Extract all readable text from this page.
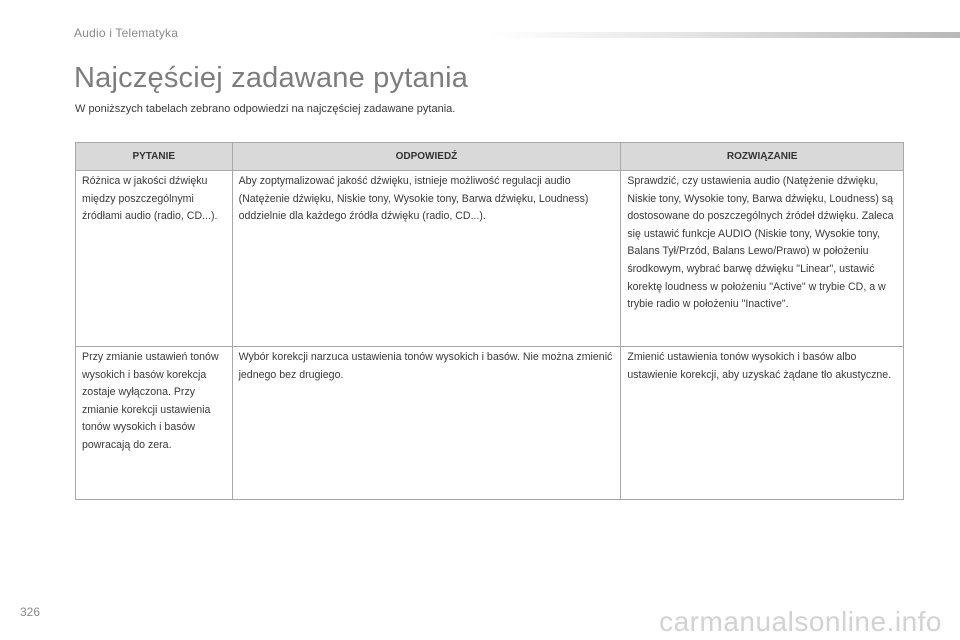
Audio i Telematyka
Najczęściej zadawane pytania
W poniższych tabelach zebrano odpowiedzi na najczęściej zadawane pytania.
PYTANIE	ODPOWIEDŹ	ROZWIĄZANIE
Różnica w jakości dźwięku między poszczególnymi źródłami audio (radio, CD...).	Aby zoptymalizować jakość dźwięku, istnieje możliwość regulacji audio (Natężenie dźwięku, Niskie tony, Wysokie tony, Barwa dźwięku, Loudness) oddzielnie dla każdego źródła dźwięku (radio, CD...).	Sprawdzić, czy ustawienia audio (Natężenie dźwięku, Niskie tony, Wysokie tony, Barwa dźwięku, Loudness) są dostosowane do poszczególnych źródeł dźwięku. Zaleca się ustawić funkcje AUDIO (Niskie tony, Wysokie tony, Balans Tył/Przód, Balans Lewo/Prawo) w położeniu środkowym, wybrać barwę dźwięku "Linear", ustawić korektę loudness w położeniu "Active" w trybie CD, a w trybie radio w położeniu "Inactive".
Przy zmianie ustawień tonów wysokich i basów korekcja zostaje wyłączona. Przy zmianie korekcji ustawienia tonów wysokich i basów powracają do zera.	Wybór korekcji narzuca ustawienia tonów wysokich i basów. Nie można zmienić jednego bez drugiego.	Zmienić ustawienia tonów wysokich i basów albo ustawienie korekcji, aby uzyskać żądane tło akustyczne.
326	carmanualsonline.info
